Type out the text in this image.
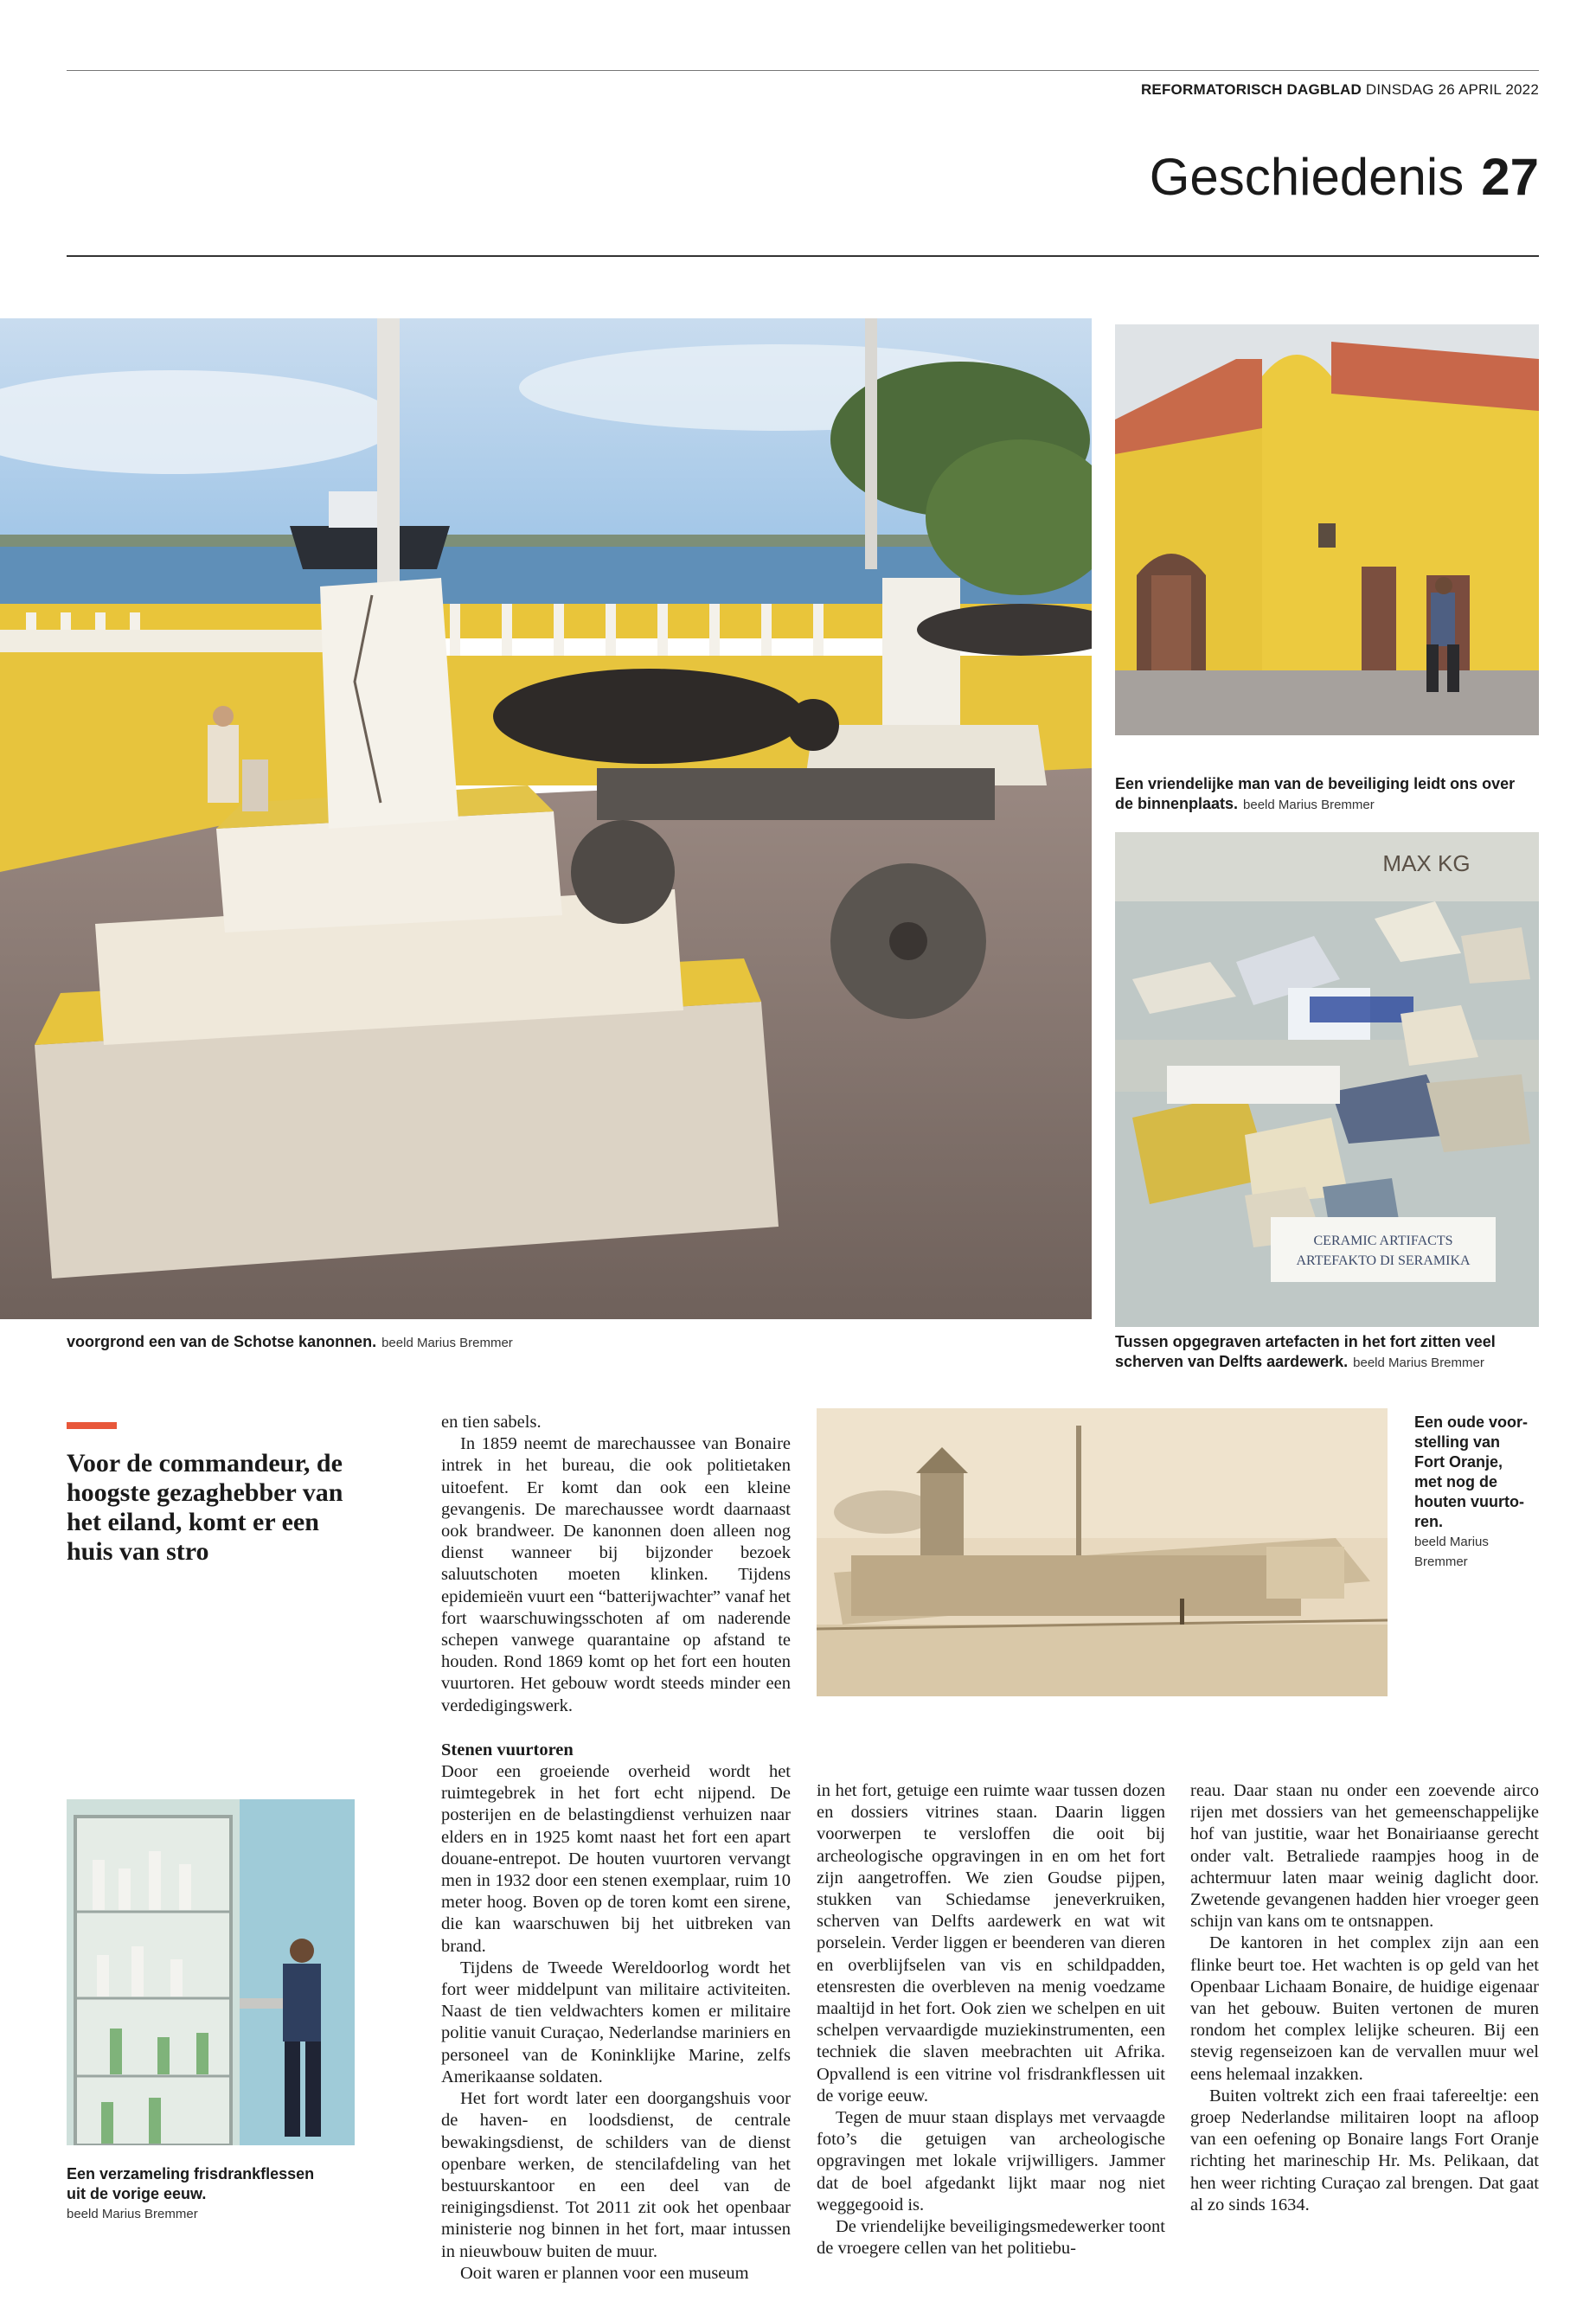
REFORMATORISCH DAGBLAD DINSDAG 26 APRIL 2022
Geschiedenis 27
voorgrond een van de Schotse kanonnen. beeld Marius Bremmer
Een vriendelijke man van de beveiliging leidt ons over
de binnenplaats. beeld Marius Bremmer
CERAMIC ARTIFACTS
ARTEFAKTO DI SERAMIKA
MAX KG
Tussen opgegraven artefacten in het fort zitten veel
scherven van Delfts aardewerk. beeld Marius Bremmer
Voor de commandeur, de hoogste gezaghebber van het eiland, komt er een huis van stro
Een verzameling frisdrankflessen
uit de vorige eeuw.
beeld Marius Bremmer
Een oude voor-
stelling van
Fort Oranje,
met nog de
houten vuurto-
ren.
beeld Marius
Bremmer

en tien sabels.

In 1859 neemt de marechaussee van Bonaire intrek in het bureau, die ook politietaken uitoefent. Er komt dan ook een kleine gevangenis. De marechaussee wordt daarnaast ook brandweer. De kanonnen doen alleen nog dienst wanneer bij bijzonder bezoek saluutschoten moeten klinken. Tijdens epidemieën vuurt een “batterijwachter” vanaf het fort waarschuwingsschoten af om naderende schepen vanwege quarantaine op afstand te houden. Rond 1869 komt op het fort een houten vuurtoren. Het gebouw wordt steeds minder een verdedigingswerk.

Stenen vuurtoren

Door een groeiende overheid wordt het ruimtegebrek in het fort echt nijpend. De posterijen en de belastingdienst verhuizen naar elders en in 1925 komt naast het fort een apart douane-entrepot. De houten vuurtoren vervangt men in 1932 door een stenen exemplaar, ruim 10 meter hoog. Boven op de toren komt een sirene, die kan waarschuwen bij het uitbreken van brand.

Tijdens de Tweede Wereldoorlog wordt het fort weer middelpunt van militaire activiteiten. Naast de tien veldwachters komen er militaire politie vanuit Curaçao, Nederlandse mariniers en personeel van de Koninklijke Marine, zelfs Amerikaanse soldaten.

Het fort wordt later een doorgangshuis voor de haven- en loodsdienst, de centrale bewakingsdienst, de schilders van de dienst openbare werken, de stencilafdeling van het bestuurskantoor en een deel van de reinigingsdienst. Tot 2011 zit ook het openbaar ministerie nog binnen in het fort, maar intussen in nieuwbouw buiten de muur.

Ooit waren er plannen voor een museum

in het fort, getuige een ruimte waar tussen dozen en dossiers vitrines staan. Daarin liggen voorwerpen te versloffen die ooit bij archeologische opgravingen in en om het fort zijn aangetroffen. We zien Goudse pijpen, stukken van Schiedamse jeneverkruiken, scherven van Delfts aardewerk en wat wit porselein. Verder liggen er beenderen van dieren en overblijfselen van vis en schildpadden, etensresten die overbleven na menig voedzame maaltijd in het fort. Ook zien we schelpen en uit schelpen vervaardigde muziekinstrumenten, een techniek die slaven meebrachten uit Afrika. Opvallend is een vitrine vol frisdrankflessen uit de vorige eeuw.

Tegen de muur staan displays met vervaagde foto’s die getuigen van archeologische opgravingen met lokale vrijwilligers. Jammer dat de boel afgedankt lijkt maar nog niet weggegooid is.

De vriendelijke beveiligingsmedewerker toont de vroegere cellen van het politiebu-

reau. Daar staan nu onder een zoevende airco rijen met dossiers van het gemeenschappelijke hof van justitie, waar het Bonairiaanse gerecht onder valt. Betraliede raampjes hoog in de achtermuur laten maar weinig daglicht door. Zwetende gevangenen hadden hier vroeger geen schijn van kans om te ontsnappen.

De kantoren in het complex zijn aan een flinke beurt toe. Het wachten is op geld van het Openbaar Lichaam Bonaire, de huidige eigenaar van het gebouw. Buiten vertonen de muren rondom het complex lelijke scheuren. Bij een stevig regenseizoen kan de vervallen muur wel eens helemaal inzakken.

Buiten voltrekt zich een fraai tafereeltje: een groep Nederlandse militairen loopt na afloop van een oefening op Bonaire langs Fort Oranje richting het marineschip Hr. Ms. Pelikaan, dat hen weer richting Curaçao zal brengen. Dat gaat al zo sinds 1634.
